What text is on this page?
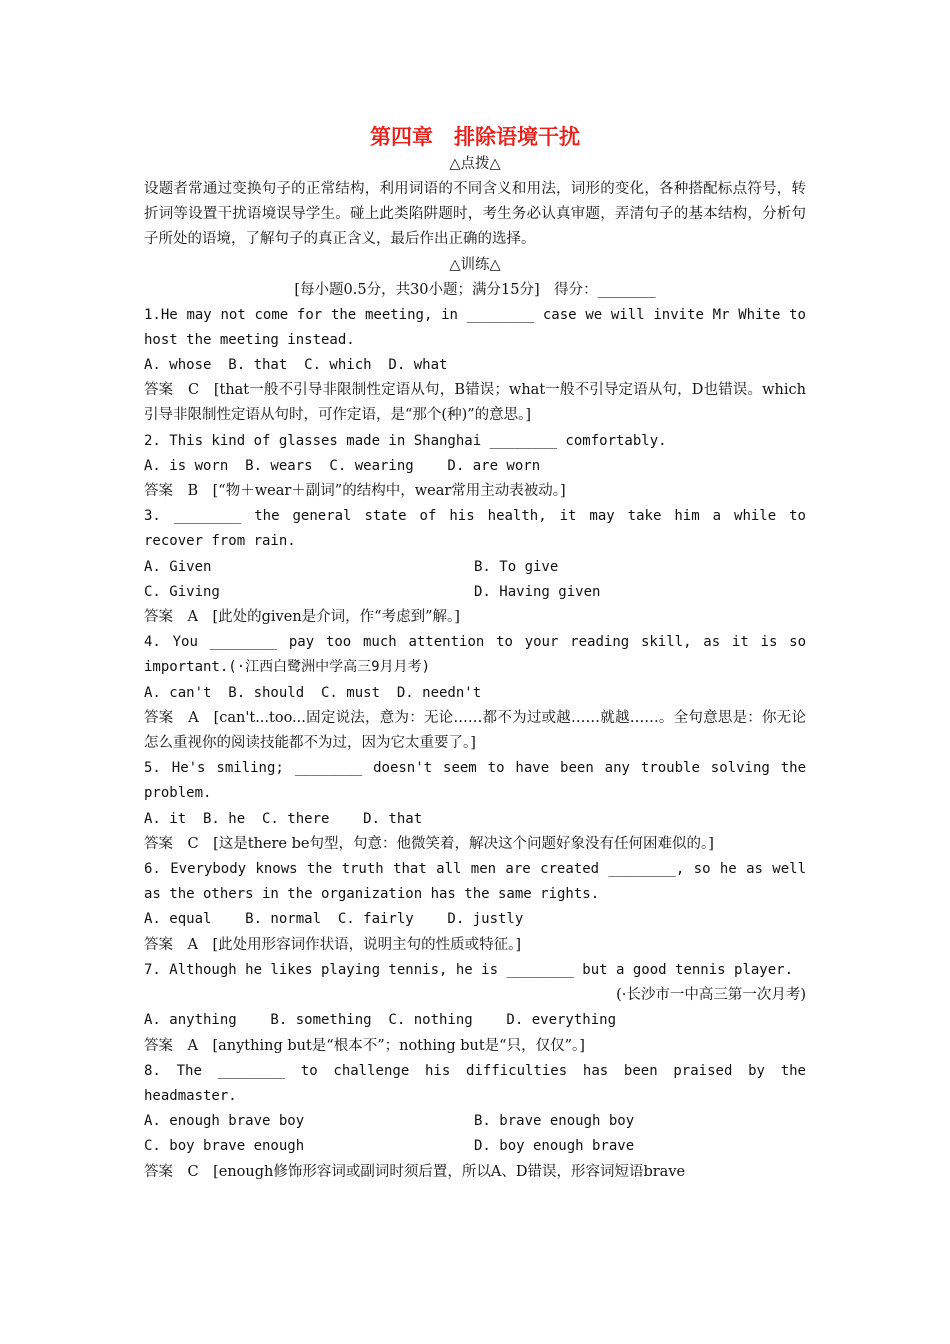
第四章　排除语境干扰
△点拨△

设题者常通过变换句子的正常结构，利用词语的不同含义和用法，词形的变化，各种搭配标点符号，转折词等设置干扰语境误导学生。碰上此类陷阱题时，考生务必认真审题，弄清句子的基本结构，分析句子所处的语境，了解句子的真正含义，最后作出正确的选择。

△训练△
[每小题0.5分，共30小题；满分15分]　得分：________

1.He may not come for the meeting, in ________ case we will invite Mr White to host the meeting instead.

A. whose  B. that  C. which  D. what

答案　C　[that一般不引导非限制性定语从句，B错误；what一般不引导定语从句，D也错误。which引导非限制性定语从句时，可作定语，是“那个(种)”的意思。]

2. This kind of glasses made in Shanghai ________ comfortably.

A. is worn  B. wears  C. wearing    D. are worn

答案　B　[“物＋wear＋副词”的结构中，wear常用主动表被动。]

3. ________ the general state of his health, it may take him a while to recover from rain.

A. Given	B. To give
C. Giving	D. Having given

答案　A　[此处的given是介词，作“考虑到”解。]

4. You ________ pay too much attention to your reading skill, as it is so important.(·江西白鹭洲中学高三9月月考)

A. can't  B. should  C. must  D. needn't

答案　A　[can't...too...固定说法，意为：无论……都不为过或越……就越……。全句意思是：你无论怎么重视你的阅读技能都不为过，因为它太重要了。]

5. He's smiling; ________ doesn't seem to have been any trouble solving the problem.

A. it  B. he  C. there    D. that

答案　C　[这是there be句型，句意：他微笑着，解决这个问题好象没有任何困难似的。]

6. Everybody knows the truth that all men are created ________, so he as well as the others in the organization has the same rights.

A. equal    B. normal  C. fairly    D. justly

答案　A　[此处用形容词作状语，说明主句的性质或特征。]

7. Although he likes playing tennis, he is ________ but a good tennis player.

(·长沙市一中高三第一次月考)

A. anything    B. something  C. nothing    D. everything

答案　A　[anything but是“根本不”；nothing but是“只，仅仅”。]

8. The ________ to challenge his difficulties has been praised by the headmaster.

A. enough brave boy	B. brave enough boy
C. boy brave enough	D. boy enough brave

答案　C　[enough修饰形容词或副词时须后置，所以A、D错误，形容词短语brave
